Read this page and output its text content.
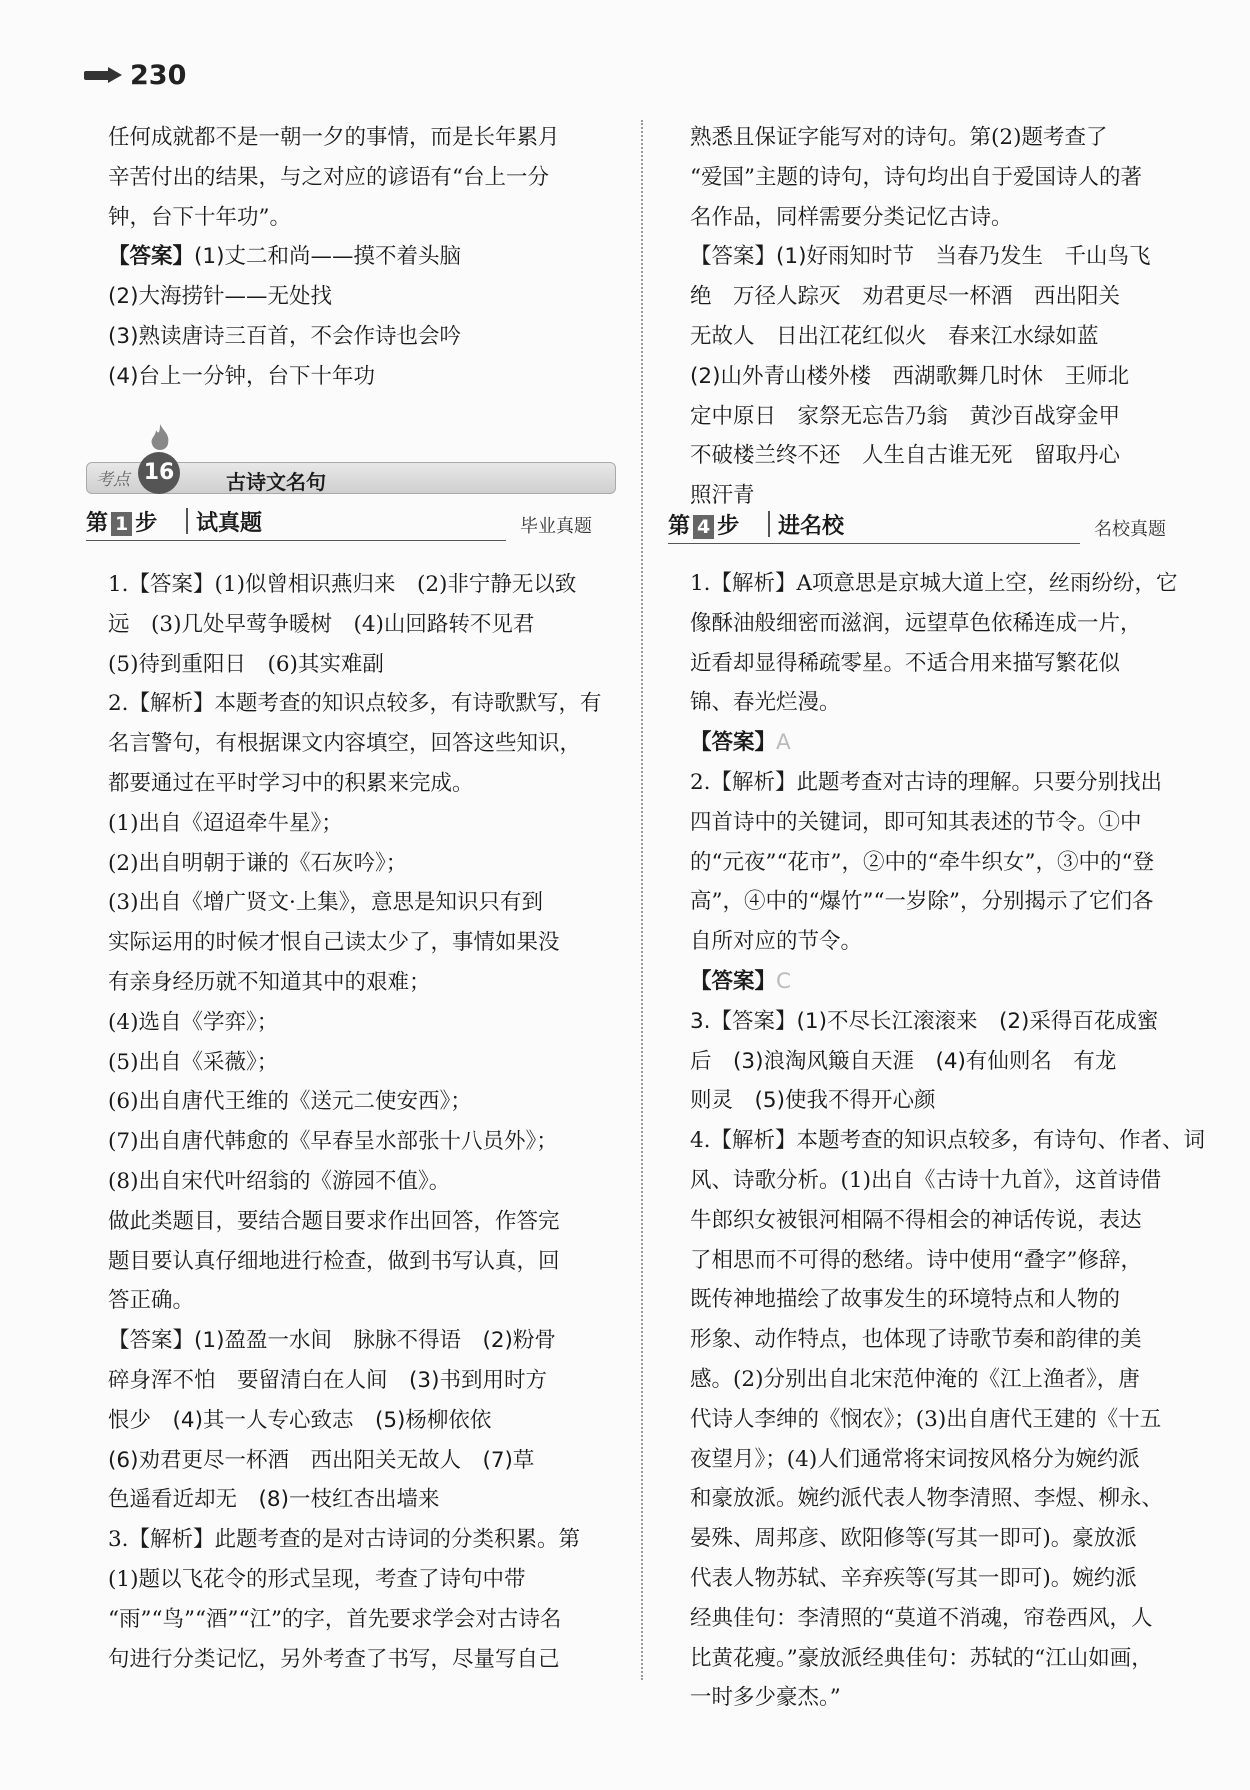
230

任何成就都不是一朝一夕的事情，而是长年累月

辛苦付出的结果，与之对应的谚语有“台上一分

钟，台下十年功”。

【答案】(1)丈二和尚——摸不着头脑

(2)大海捞针——无处找

(3)熟读唐诗三百首，不会作诗也会吟

(4)台上一分钟，台下十年功

考点 16	古诗文名句
第 1 步 试真题	毕业真题

1.【答案】(1)似曾相识燕归来　(2)非宁静无以致

远　(3)几处早莺争暖树　(4)山回路转不见君

(5)待到重阳日　(6)其实难副

2.【解析】本题考查的知识点较多，有诗歌默写，有

名言警句，有根据课文内容填空，回答这些知识，

都要通过在平时学习中的积累来完成。

(1)出自《迢迢牵牛星》；

(2)出自明朝于谦的《石灰吟》；

(3)出自《增广贤文·上集》，意思是知识只有到

实际运用的时候才恨自己读太少了，事情如果没

有亲身经历就不知道其中的艰难；

(4)选自《学弈》；

(5)出自《采薇》；

(6)出自唐代王维的《送元二使安西》；

(7)出自唐代韩愈的《早春呈水部张十八员外》；

(8)出自宋代叶绍翁的《游园不值》。

做此类题目，要结合题目要求作出回答，作答完

题目要认真仔细地进行检查，做到书写认真，回

答正确。

【答案】(1)盈盈一水间　脉脉不得语　(2)粉骨

碎身浑不怕　要留清白在人间　(3)书到用时方

恨少　(4)其一人专心致志　(5)杨柳依依

(6)劝君更尽一杯酒　西出阳关无故人　(7)草

色遥看近却无　(8)一枝红杏出墙来

3.【解析】此题考查的是对古诗词的分类积累。第

(1)题以飞花令的形式呈现，考查了诗句中带

“雨”“鸟”“酒”“江”的字，首先要求学会对古诗名

句进行分类记忆，另外考查了书写，尽量写自己

熟悉且保证字能写对的诗句。第(2)题考查了

“爱国”主题的诗句，诗句均出自于爱国诗人的著

名作品，同样需要分类记忆古诗。

【答案】(1)好雨知时节　当春乃发生　千山鸟飞

绝　万径人踪灭　劝君更尽一杯酒　西出阳关

无故人　日出江花红似火　春来江水绿如蓝

(2)山外青山楼外楼　西湖歌舞几时休　王师北

定中原日　家祭无忘告乃翁　黄沙百战穿金甲

不破楼兰终不还　人生自古谁无死　留取丹心

照汗青

第 4 步 进名校	名校真题

1.【解析】A项意思是京城大道上空，丝雨纷纷，它

像酥油般细密而滋润，远望草色依稀连成一片，

近看却显得稀疏零星。不适合用来描写繁花似

锦、春光烂漫。

【答案】A

2.【解析】此题考查对古诗的理解。只要分别找出

四首诗中的关键词，即可知其表述的节令。①中

的“元夜”“花市”，②中的“牵牛织女”，③中的“登

高”，④中的“爆竹”“一岁除”，分别揭示了它们各

自所对应的节令。

【答案】C

3.【答案】(1)不尽长江滚滚来　(2)采得百花成蜜

后　(3)浪淘风簸自天涯　(4)有仙则名　有龙

则灵　(5)使我不得开心颜

4.【解析】本题考查的知识点较多，有诗句、作者、词

风、诗歌分析。(1)出自《古诗十九首》，这首诗借

牛郎织女被银河相隔不得相会的神话传说，表达

了相思而不可得的愁绪。诗中使用“叠字”修辞，

既传神地描绘了故事发生的环境特点和人物的

形象、动作特点，也体现了诗歌节奏和韵律的美

感。(2)分别出自北宋范仲淹的《江上渔者》，唐

代诗人李绅的《悯农》；(3)出自唐代王建的《十五

夜望月》；(4)人们通常将宋词按风格分为婉约派

和豪放派。婉约派代表人物李清照、李煜、柳永、

晏殊、周邦彦、欧阳修等(写其一即可)。豪放派

代表人物苏轼、辛弃疾等(写其一即可)。婉约派

经典佳句：李清照的“莫道不消魂，帘卷西风，人

比黄花瘦。”豪放派经典佳句：苏轼的“江山如画，

一时多少豪杰。”
